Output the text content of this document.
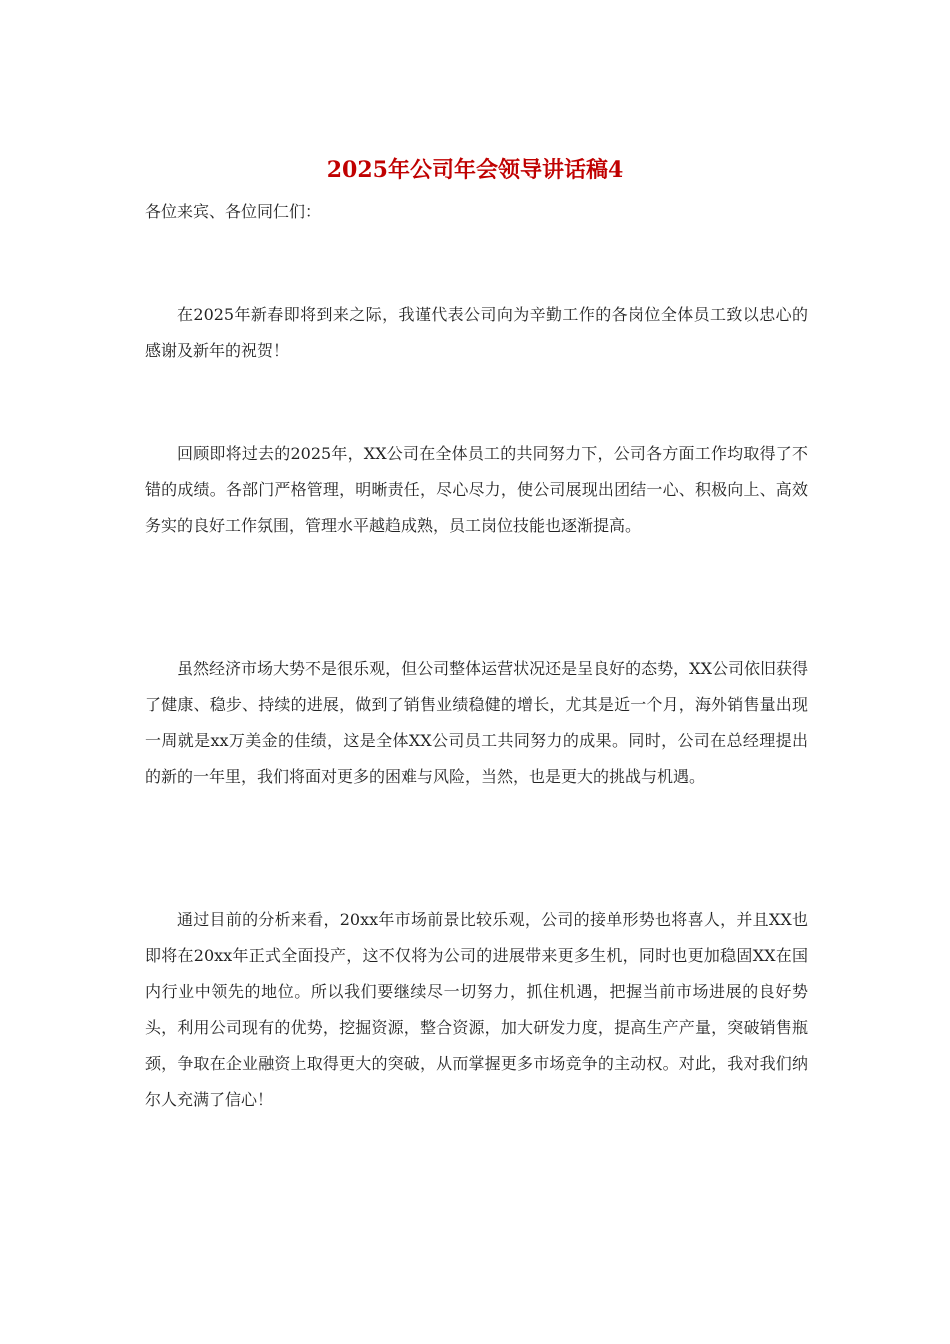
2025年公司年会领导讲话稿4

各位来宾、各位同仁们：

在2025年新春即将到来之际，我谨代表公司向为辛勤工作的各岗位全体员工致以忠心的感谢及新年的祝贺！

回顾即将过去的2025年，XX公司在全体员工的共同努力下，公司各方面工作均取得了不错的成绩。各部门严格管理，明晰责任，尽心尽力，使公司展现出团结一心、积极向上、高效务实的良好工作氛围，管理水平越趋成熟，员工岗位技能也逐渐提高。

虽然经济市场大势不是很乐观，但公司整体运营状况还是呈良好的态势，XX公司依旧获得了健康、稳步、持续的进展，做到了销售业绩稳健的增长，尤其是近一个月，海外销售量出现一周就是xx万美金的佳绩，这是全体XX公司员工共同努力的成果。同时，公司在总经理提出的新的一年里，我们将面对更多的困难与风险，当然，也是更大的挑战与机遇。

通过目前的分析来看，20xx年市场前景比较乐观，公司的接单形势也将喜人，并且XX也即将在20xx年正式全面投产，这不仅将为公司的进展带来更多生机，同时也更加稳固XX在国内行业中领先的地位。所以我们要继续尽一切努力，抓住机遇，把握当前市场进展的良好势头，利用公司现有的优势，挖掘资源，整合资源，加大研发力度，提高生产产量，突破销售瓶颈，争取在企业融资上取得更大的突破，从而掌握更多市场竞争的主动权。对此，我对我们纳尔人充满了信心！
